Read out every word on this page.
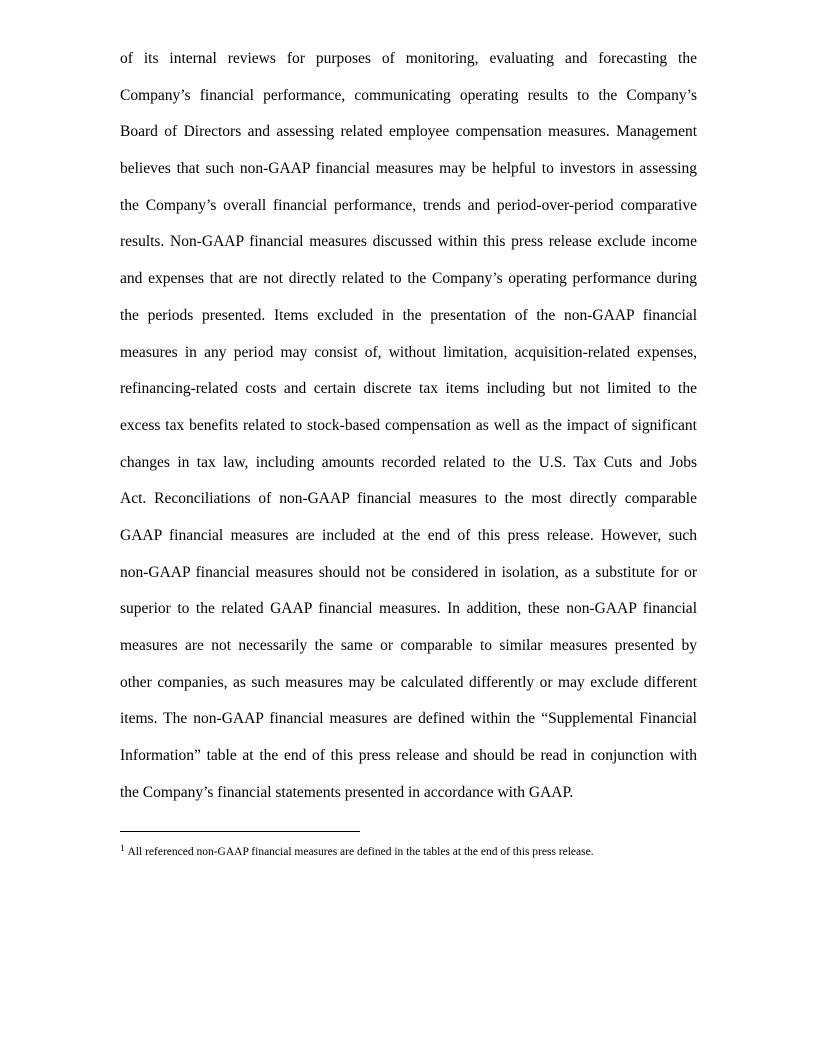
of its internal reviews for purposes of monitoring, evaluating and forecasting the
Company’s financial performance, communicating operating results to the Company’s
Board of Directors and assessing related employee compensation measures. Management
believes that such non-GAAP financial measures may be helpful to investors in assessing
the Company’s overall financial performance, trends and period-over-period comparative
results. Non-GAAP financial measures discussed within this press release exclude income
and expenses that are not directly related to the Company’s operating performance during
the periods presented. Items excluded in the presentation of the non-GAAP financial
measures in any period may consist of, without limitation, acquisition-related expenses,
refinancing-related costs and certain discrete tax items including but not limited to the
excess tax benefits related to stock-based compensation as well as the impact of significant
changes in tax law, including amounts recorded related to the U.S. Tax Cuts and Jobs
Act. Reconciliations of non-GAAP financial measures to the most directly comparable
GAAP financial measures are included at the end of this press release. However, such
non-GAAP financial measures should not be considered in isolation, as a substitute for or
superior to the related GAAP financial measures. In addition, these non-GAAP financial
measures are not necessarily the same or comparable to similar measures presented by
other companies, as such measures may be calculated differently or may exclude different
items. The non-GAAP financial measures are defined within the “Supplemental Financial
Information” table at the end of this press release and should be read in conjunction with
the Company’s financial statements presented in accordance with GAAP.
$^1$ All referenced non-GAAP financial measures are defined in the tables at the end of this press release.
